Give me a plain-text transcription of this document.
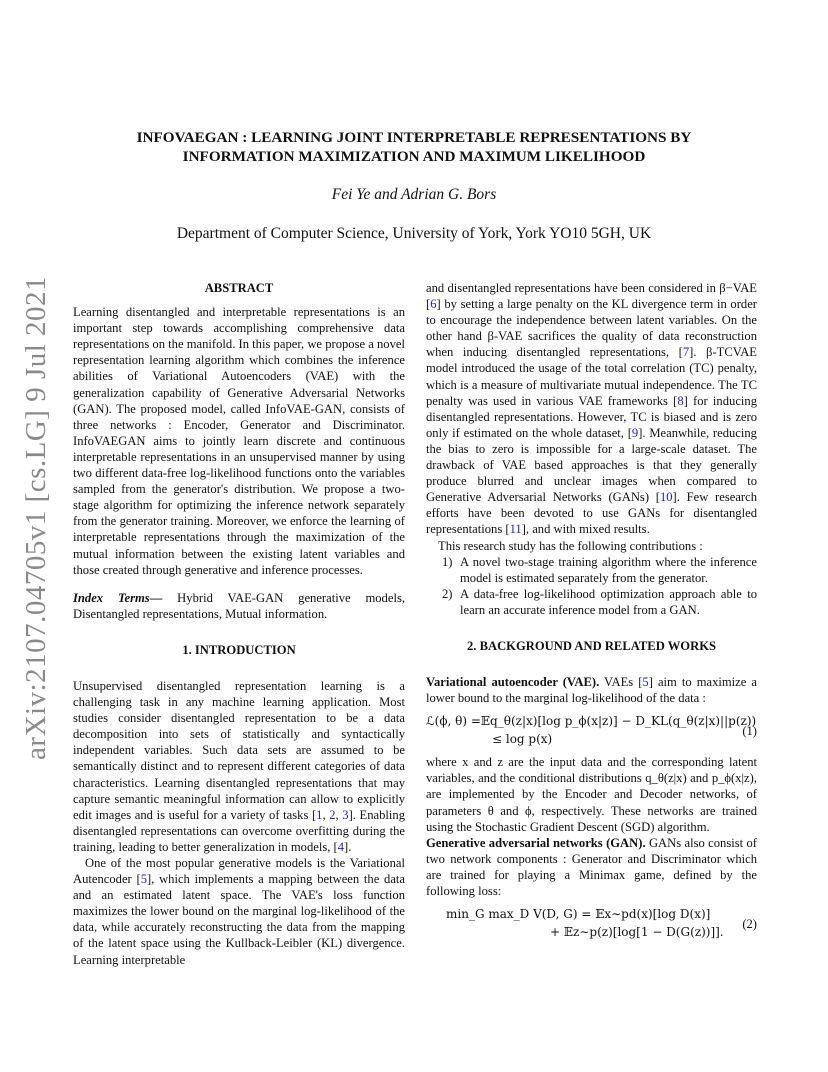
arXiv:2107.04705v1 [cs.LG] 9 Jul 2021
INFOVAEGAN : LEARNING JOINT INTERPRETABLE REPRESENTATIONS BY
INFORMATION MAXIMIZATION AND MAXIMUM LIKELIHOOD
Fei Ye and Adrian G. Bors
Department of Computer Science, University of York, York YO10 5GH, UK

ABSTRACT

Learning disentangled and interpretable representations is an important step towards accomplishing comprehensive data representations on the manifold. In this paper, we propose a novel representation learning algorithm which combines the inference abilities of Variational Autoencoders (VAE) with the generalization capability of Generative Adversarial Networks (GAN). The proposed model, called InfoVAE-GAN, consists of three networks : Encoder, Generator and Discriminator. InfoVAEGAN aims to jointly learn discrete and continuous interpretable representations in an unsupervised manner by using two different data-free log-likelihood functions onto the variables sampled from the generator's distribution. We propose a two-stage algorithm for optimizing the inference network separately from the generator training. Moreover, we enforce the learning of interpretable representations through the maximization of the mutual information between the existing latent variables and those created through generative and inference processes.

Index Terms— Hybrid VAE-GAN generative models, Disentangled representations, Mutual information.

1. INTRODUCTION

Unsupervised disentangled representation learning is a challenging task in any machine learning application. Most studies consider disentangled representation to be a data decomposition into sets of statistically and syntactically independent variables. Such data sets are assumed to be semantically distinct and to represent different categories of data characteristics. Learning disentangled representations that may capture semantic meaningful information can allow to explicitly edit images and is useful for a variety of tasks [1, 2, 3]. Enabling disentangled representations can overcome overfitting during the training, leading to better generalization in models, [4].

One of the most popular generative models is the Variational Autencoder [5], which implements a mapping between the data and an estimated latent space. The VAE's loss function maximizes the lower bound on the marginal log-likelihood of the data, while accurately reconstructing the data from the mapping of the latent space using the Kullback-Leibler (KL) divergence. Learning interpretable

and disentangled representations have been considered in β−VAE [6] by setting a large penalty on the KL divergence term in order to encourage the independence between latent variables. On the other hand β-VAE sacrifices the quality of data reconstruction when inducing disentangled representations, [7]. β-TCVAE model introduced the usage of the total correlation (TC) penalty, which is a measure of multivariate mutual independence. The TC penalty was used in various VAE frameworks [8] for inducing disentangled representations. However, TC is biased and is zero only if estimated on the whole dataset, [9]. Meanwhile, reducing the bias to zero is impossible for a large-scale dataset. The drawback of VAE based approaches is that they generally produce blurred and unclear images when compared to Generative Adversarial Networks (GANs) [10]. Few research efforts have been devoted to use GANs for disentangled representations [11], and with mixed results.

This research study has the following contributions :

1) A novel two-stage training algorithm where the inference model is estimated separately from the generator.
2) A data-free log-likelihood optimization approach able to learn an accurate inference model from a GAN.

2. BACKGROUND AND RELATED WORKS

Variational autoencoder (VAE). VAEs [5] aim to maximize a lower bound to the marginal log-likelihood of the data :

ℒ(ϕ, θ) =𝔼q_θ(z|x)[log p_ϕ(x|z)] − D_KL(q_θ(z|x)||p(z))
≤ log p(x)
(1)

where x and z are the input data and the corresponding latent variables, and the conditional distributions q_θ(z|x) and p_ϕ(x|z), are implemented by the Encoder and Decoder networks, of parameters θ and ϕ, respectively. These networks are trained using the Stochastic Gradient Descent (SGD) algorithm.

Generative adversarial networks (GAN). GANs also consist of two network components : Generator and Discriminator which are trained for playing a Minimax game, defined by the following loss:

min_G max_D V(D, G) = 𝔼x∼pd(x)[log D(x)]
+ 𝔼z∼p(z)[log[1 − D(G(z))]].
(2)
